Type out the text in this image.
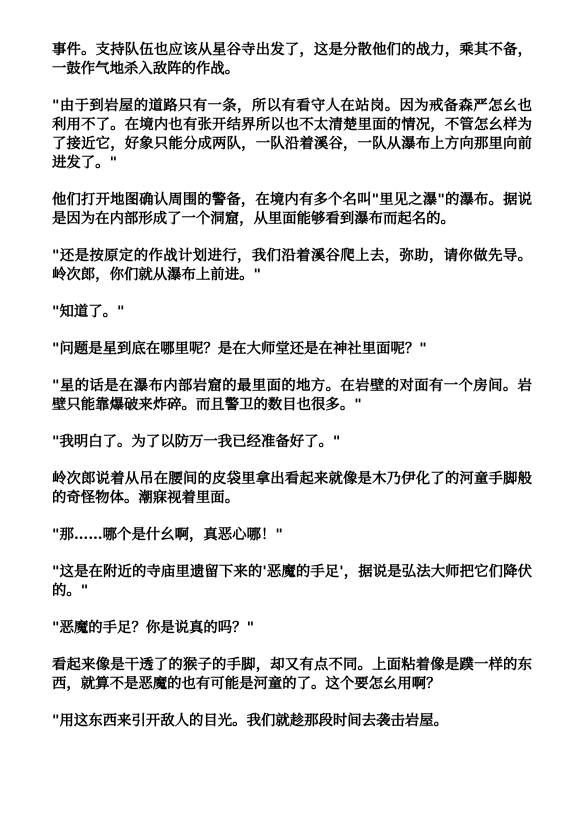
事件。支持队伍也应该从星谷寺出发了，这是分散他们的战力，乘其不备，一鼓作气地杀入敌阵的作战。

"由于到岩屋的道路只有一条，所以有看守人在站岗。因为戒备森严怎幺也利用不了。在境内也有张开结界所以也不太清楚里面的情况，不管怎幺样为了接近它，好象只能分成两队，一队沿着溪谷，一队从瀑布上方向那里向前进发了。"

他们打开地图确认周围的警备，在境内有多个名叫"里见之瀑"的瀑布。据说是因为在内部形成了一个洞窟，从里面能够看到瀑布而起名的。

"还是按原定的作战计划进行，我们沿着溪谷爬上去，弥助，请你做先导。岭次郎，你们就从瀑布上前进。"

"知道了。"

"问题是星到底在哪里呢？是在大师堂还是在神社里面呢？"

"星的话是在瀑布内部岩窟的最里面的地方。在岩壁的对面有一个房间。岩壁只能靠爆破来炸碎。而且警卫的数目也很多。"

"我明白了。为了以防万一我已经准备好了。"

岭次郎说着从吊在腰间的皮袋里拿出看起来就像是木乃伊化了的河童手脚般的奇怪物体。潮寐视着里面。

"那……哪个是什幺啊，真恶心哪！"

"这是在附近的寺庙里遗留下来的'恶魔的手足'，据说是弘法大师把它们降伏的。"

"恶魔的手足？你是说真的吗？"

看起来像是干透了的猴子的手脚，却又有点不同。上面粘着像是蹼一样的东西，就算不是恶魔的也有可能是河童的了。这个要怎幺用啊？

"用这东西来引开敌人的目光。我们就趁那段时间去袭击岩屋。
